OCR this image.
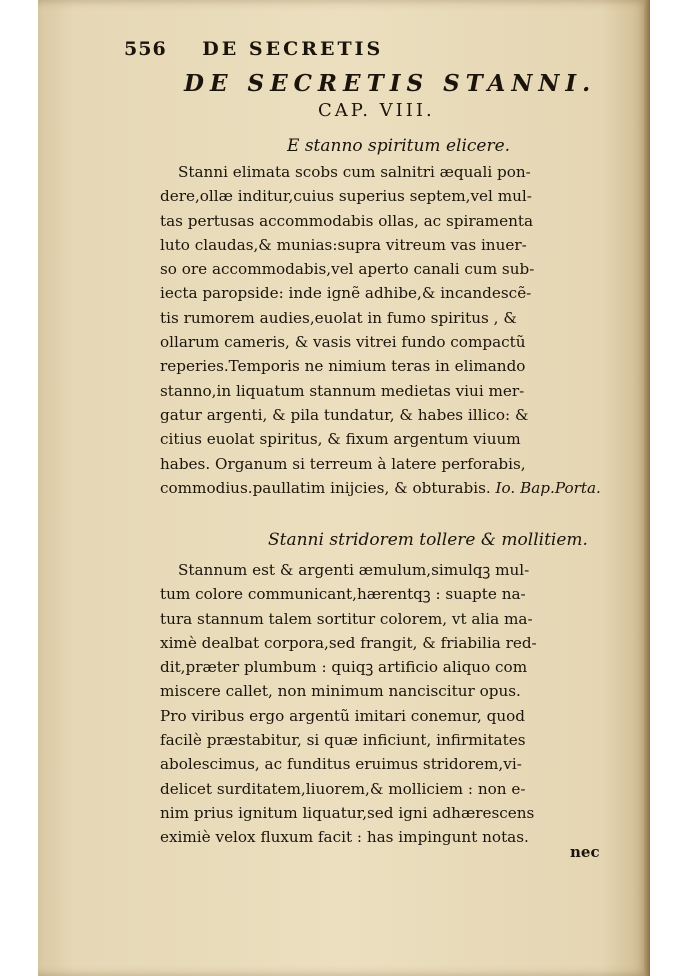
556 DE SECRETIS
DE SECRETIS STANNI.
CAP. VIII.
E stanno spiritum elicere.
Stanni elimata scobs cum salnitri æquali pon-
dere,ollæ inditur,cuius superius septem,vel mul-
tas pertusas accommodabis ollas, ac spiramenta
luto claudas,& munias:supra vitreum vas inuer-
so ore accommodabis,vel aperto canali cum sub-
iecta paropside: inde ignẽ adhibe,& incandescẽ-
tis rumorem audies,euolat in fumo spiritus , &
ollarum cameris, & vasis vitrei fundo compactũ
reperies.Temporis ne nimium teras in elimando
stanno,in liquatum stannum medietas viui mer-
gatur argenti, & pila tundatur, & habes illico: &
citius euolat spiritus, & fixum argentum viuum
habes. Organum si terreum à latere perforabis,
commodius.paullatim inijcies, & obturabis. Io. Bap.Porta.
Stanni stridorem tollere & mollitiem.
Stannum est & argenti æmulum,simulqꝫ mul-
tum colore communicant,hærentqꝫ : suapte na-
tura stannum talem sortitur colorem, vt alia ma-
ximè dealbat corpora,sed frangit, & friabilia red-
dit,præter plumbum : quiqꝫ artificio aliquo com
miscere callet, non minimum nanciscitur opus.
Pro viribus ergo argentũ imitari conemur, quod
facilè præstabitur, si quæ inficiunt, infirmitates
abolescimus, ac funditus eruimus stridorem,vi-
delicet surditatem,liuorem,& molliciem : non e-
nim prius ignitum liquatur,sed igni adhærescens
eximiè velox fluxum facit : has impingunt notas.
nec
